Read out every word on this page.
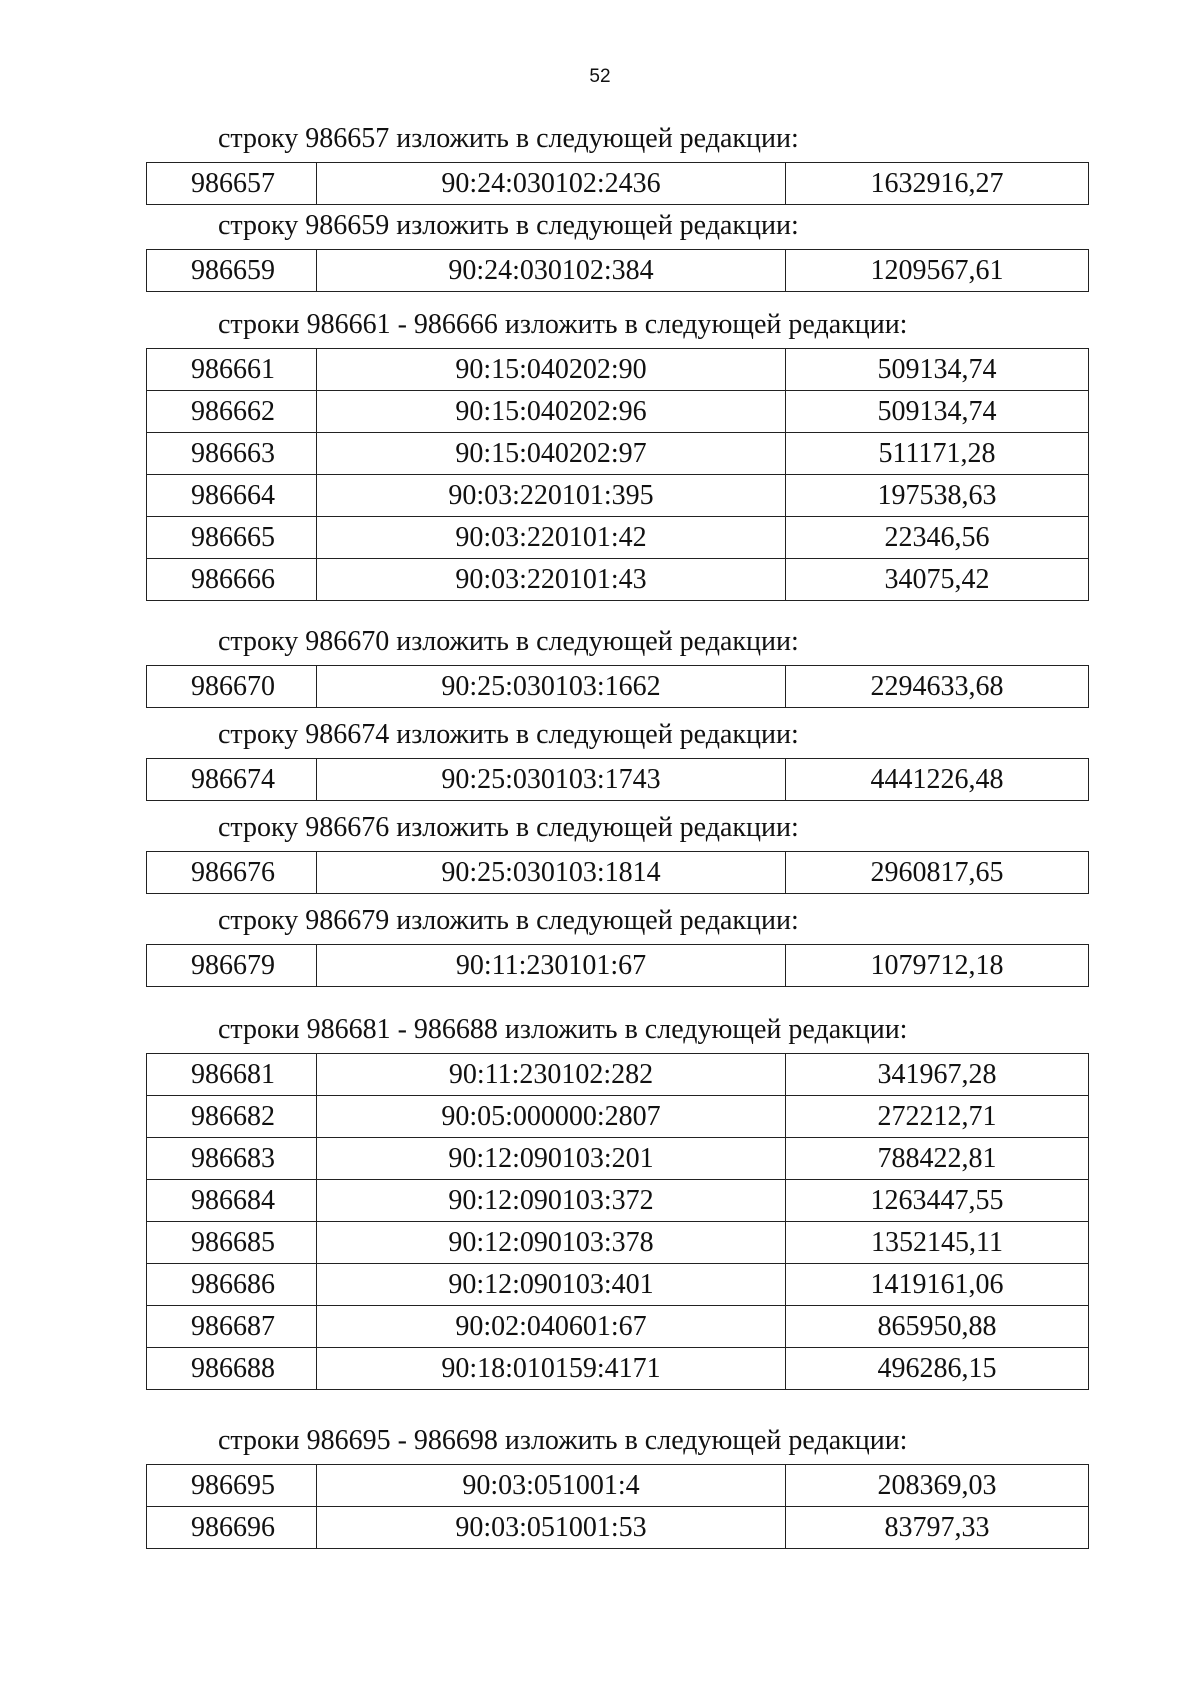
52
строку 986657 изложить в следующей редакции:
986657	90:24:030102:2436	1632916,27
строку 986659 изложить в следующей редакции:
986659	90:24:030102:384	1209567,61
строки 986661 - 986666 изложить в следующей редакции:
986661	90:15:040202:90	509134,74
986662	90:15:040202:96	509134,74
986663	90:15:040202:97	511171,28
986664	90:03:220101:395	197538,63
986665	90:03:220101:42	22346,56
986666	90:03:220101:43	34075,42
строку 986670 изложить в следующей редакции:
986670	90:25:030103:1662	2294633,68
строку 986674 изложить в следующей редакции:
986674	90:25:030103:1743	4441226,48
строку 986676 изложить в следующей редакции:
986676	90:25:030103:1814	2960817,65
строку 986679 изложить в следующей редакции:
986679	90:11:230101:67	1079712,18
строки 986681 - 986688 изложить в следующей редакции:
986681	90:11:230102:282	341967,28
986682	90:05:000000:2807	272212,71
986683	90:12:090103:201	788422,81
986684	90:12:090103:372	1263447,55
986685	90:12:090103:378	1352145,11
986686	90:12:090103:401	1419161,06
986687	90:02:040601:67	865950,88
986688	90:18:010159:4171	496286,15
строки 986695 - 986698 изложить в следующей редакции:
986695	90:03:051001:4	208369,03
986696	90:03:051001:53	83797,33
